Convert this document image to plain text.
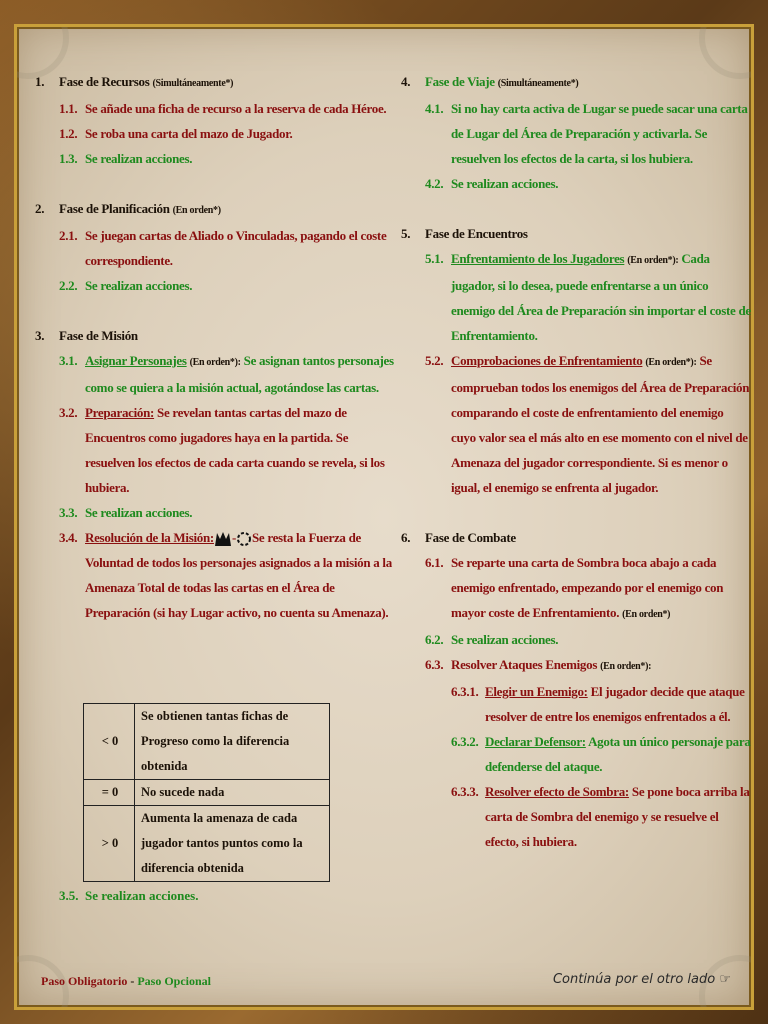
1. Fase de Recursos (Simultáneamente*)
1.1. Se añade una ficha de recurso a la reserva de cada Héroe.
1.2. Se roba una carta del mazo de Jugador.
1.3. Se realizan acciones.
2. Fase de Planificación (En orden*)
2.1. Se juegan cartas de Aliado o Vinculadas, pagando el coste correspondiente.
2.2. Se realizan acciones.
3. Fase de Misión
3.1. Asignar Personajes (En orden*): Se asignan tantos personajes como se quiera a la misión actual, agotándose las cartas.
3.2. Preparación: Se revelan tantas cartas del mazo de Encuentros como jugadores haya en la partida. Se resuelven los efectos de cada carta cuando se revela, si los hubiera.
3.3. Se realizan acciones.
3.4. Resolución de la Misión: - Se resta la Fuerza de Voluntad de todos los personajes asignados a la misión a la Amenaza Total de todas las cartas en el Área de Preparación (si hay Lugar activo, no cuenta su Amenaza).
< 0	Se obtienen tantas fichas de Progreso como la diferencia obtenida
= 0	No sucede nada
> 0	Aumenta la amenaza de cada jugador tantos puntos como la diferencia obtenida
3.5. Se realizan acciones.
4. Fase de Viaje (Simultáneamente*)
4.1. Si no hay carta activa de Lugar se puede sacar una carta de Lugar del Área de Preparación y activarla. Se resuelven los efectos de la carta, si los hubiera.
4.2. Se realizan acciones.
5. Fase de Encuentros
5.1. Enfrentamiento de los Jugadores (En orden*): Cada jugador, si lo desea, puede enfrentarse a un único enemigo del Área de Preparación sin importar el coste de Enfrentamiento.
5.2. Comprobaciones de Enfrentamiento (En orden*): Se comprueban todos los enemigos del Área de Preparación comparando el coste de enfrentamiento del enemigo cuyo valor sea el más alto en ese momento con el nivel de Amenaza del jugador correspondiente. Si es menor o igual, el enemigo se enfrenta al jugador.
6. Fase de Combate
6.1. Se reparte una carta de Sombra boca abajo a cada enemigo enfrentado, empezando por el enemigo con mayor coste de Enfrentamiento. (En orden*)
6.2. Se realizan acciones.
6.3. Resolver Ataques Enemigos (En orden*):
6.3.1. Elegir un Enemigo: El jugador decide que ataque resolver de entre los enemigos enfrentados a él.
6.3.2. Declarar Defensor: Agota un único personaje para defenderse del ataque.
6.3.3. Resolver efecto de Sombra: Se pone boca arriba la carta de Sombra del enemigo y se resuelve el efecto, si hubiera.
Paso Obligatorio - Paso Opcional	Continúa por el otro lado ☞
